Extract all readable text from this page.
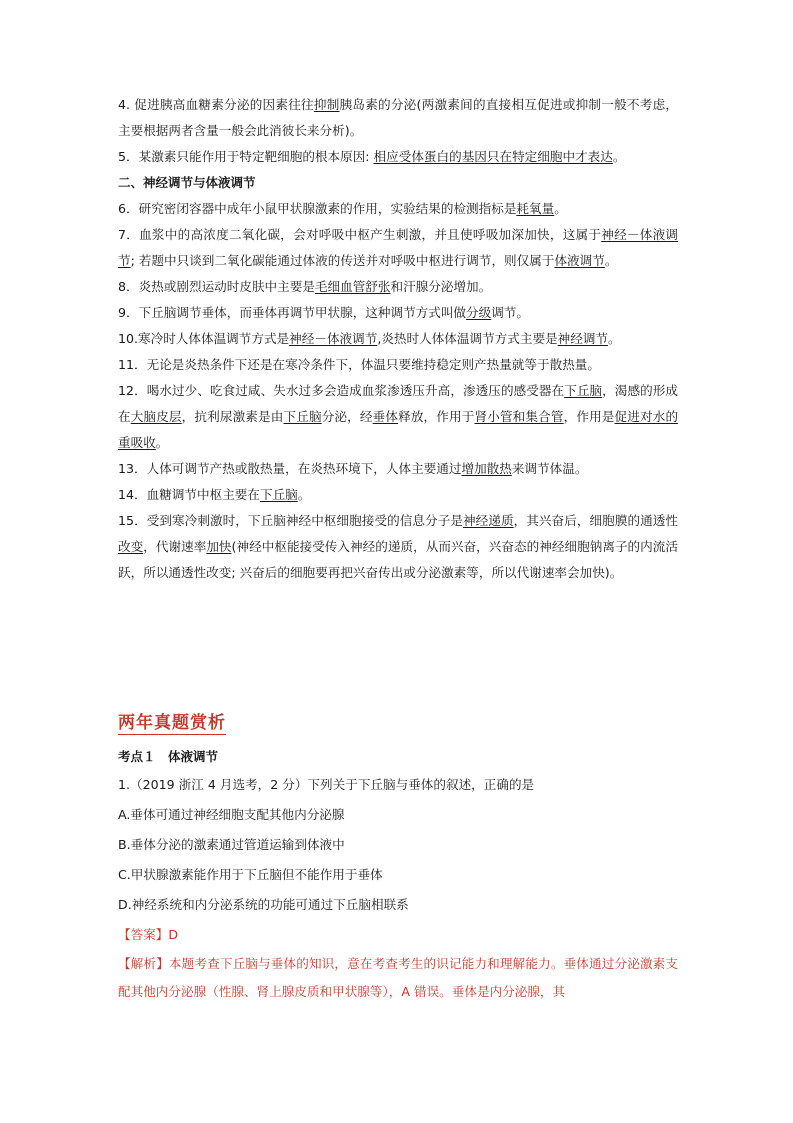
4. 促进胰高血糖素分泌的因素往往抑制胰岛素的分泌(两激素间的直接相互促进或抑制一般不考虑，主要根据两者含量一般会此消彼长来分析)。

5．某激素只能作用于特定靶细胞的根本原因: 相应受体蛋白的基因只在特定细胞中才表达。

二、神经调节与体液调节

6．研究密闭容器中成年小鼠甲状腺激素的作用，实验结果的检测指标是耗氧量。

7．血浆中的高浓度二氧化碳，会对呼吸中枢产生刺激，并且使呼吸加深加快，这属于神经－体液调节; 若题中只谈到二氧化碳能通过体液的传送并对呼吸中枢进行调节，则仅属于体液调节。

8．炎热或剧烈运动时皮肤中主要是毛细血管舒张和汗腺分泌增加。

9．下丘脑调节垂体，而垂体再调节甲状腺，这种调节方式叫做分级调节。

10.寒冷时人体体温调节方式是神经－体液调节,炎热时人体体温调节方式主要是神经调节。

11．无论是炎热条件下还是在寒冷条件下，体温只要维持稳定则产热量就等于散热量。

12．喝水过少、吃食过咸、失水过多会造成血浆渗透压升高，渗透压的感受器在下丘脑，渴感的形成在大脑皮层，抗利尿激素是由下丘脑分泌，经垂体释放，作用于肾小管和集合管，作用是促进对水的重吸收。

13．人体可调节产热或散热量，在炎热环境下，人体主要通过增加散热来调节体温。

14．血糖调节中枢主要在下丘脑。

15．受到寒冷刺激时，下丘脑神经中枢细胞接受的信息分子是神经递质，其兴奋后，细胞膜的通透性改变，代谢速率加快(神经中枢能接受传入神经的递质，从而兴奋，兴奋态的神经细胞钠离子的内流活跃，所以通透性改变; 兴奋后的细胞要再把兴奋传出或分泌激素等，所以代谢速率会加快)。

两年真题赏析

考点１　体液调节

1.（2019 浙江 4 月选考，2 分）下列关于下丘脑与垂体的叙述，正确的是

A.垂体可通过神经细胞支配其他内分泌腺

B.垂体分泌的激素通过管道运输到体液中

C.甲状腺激素能作用于下丘脑但不能作用于垂体

D.神经系统和内分泌系统的功能可通过下丘脑相联系

【答案】D

【解析】本题考查下丘脑与垂体的知识，意在考查考生的识记能力和理解能力。垂体通过分泌激素支配其他内分泌腺（性腺、肾上腺皮质和甲状腺等），A 错误。垂体是内分泌腺，其
